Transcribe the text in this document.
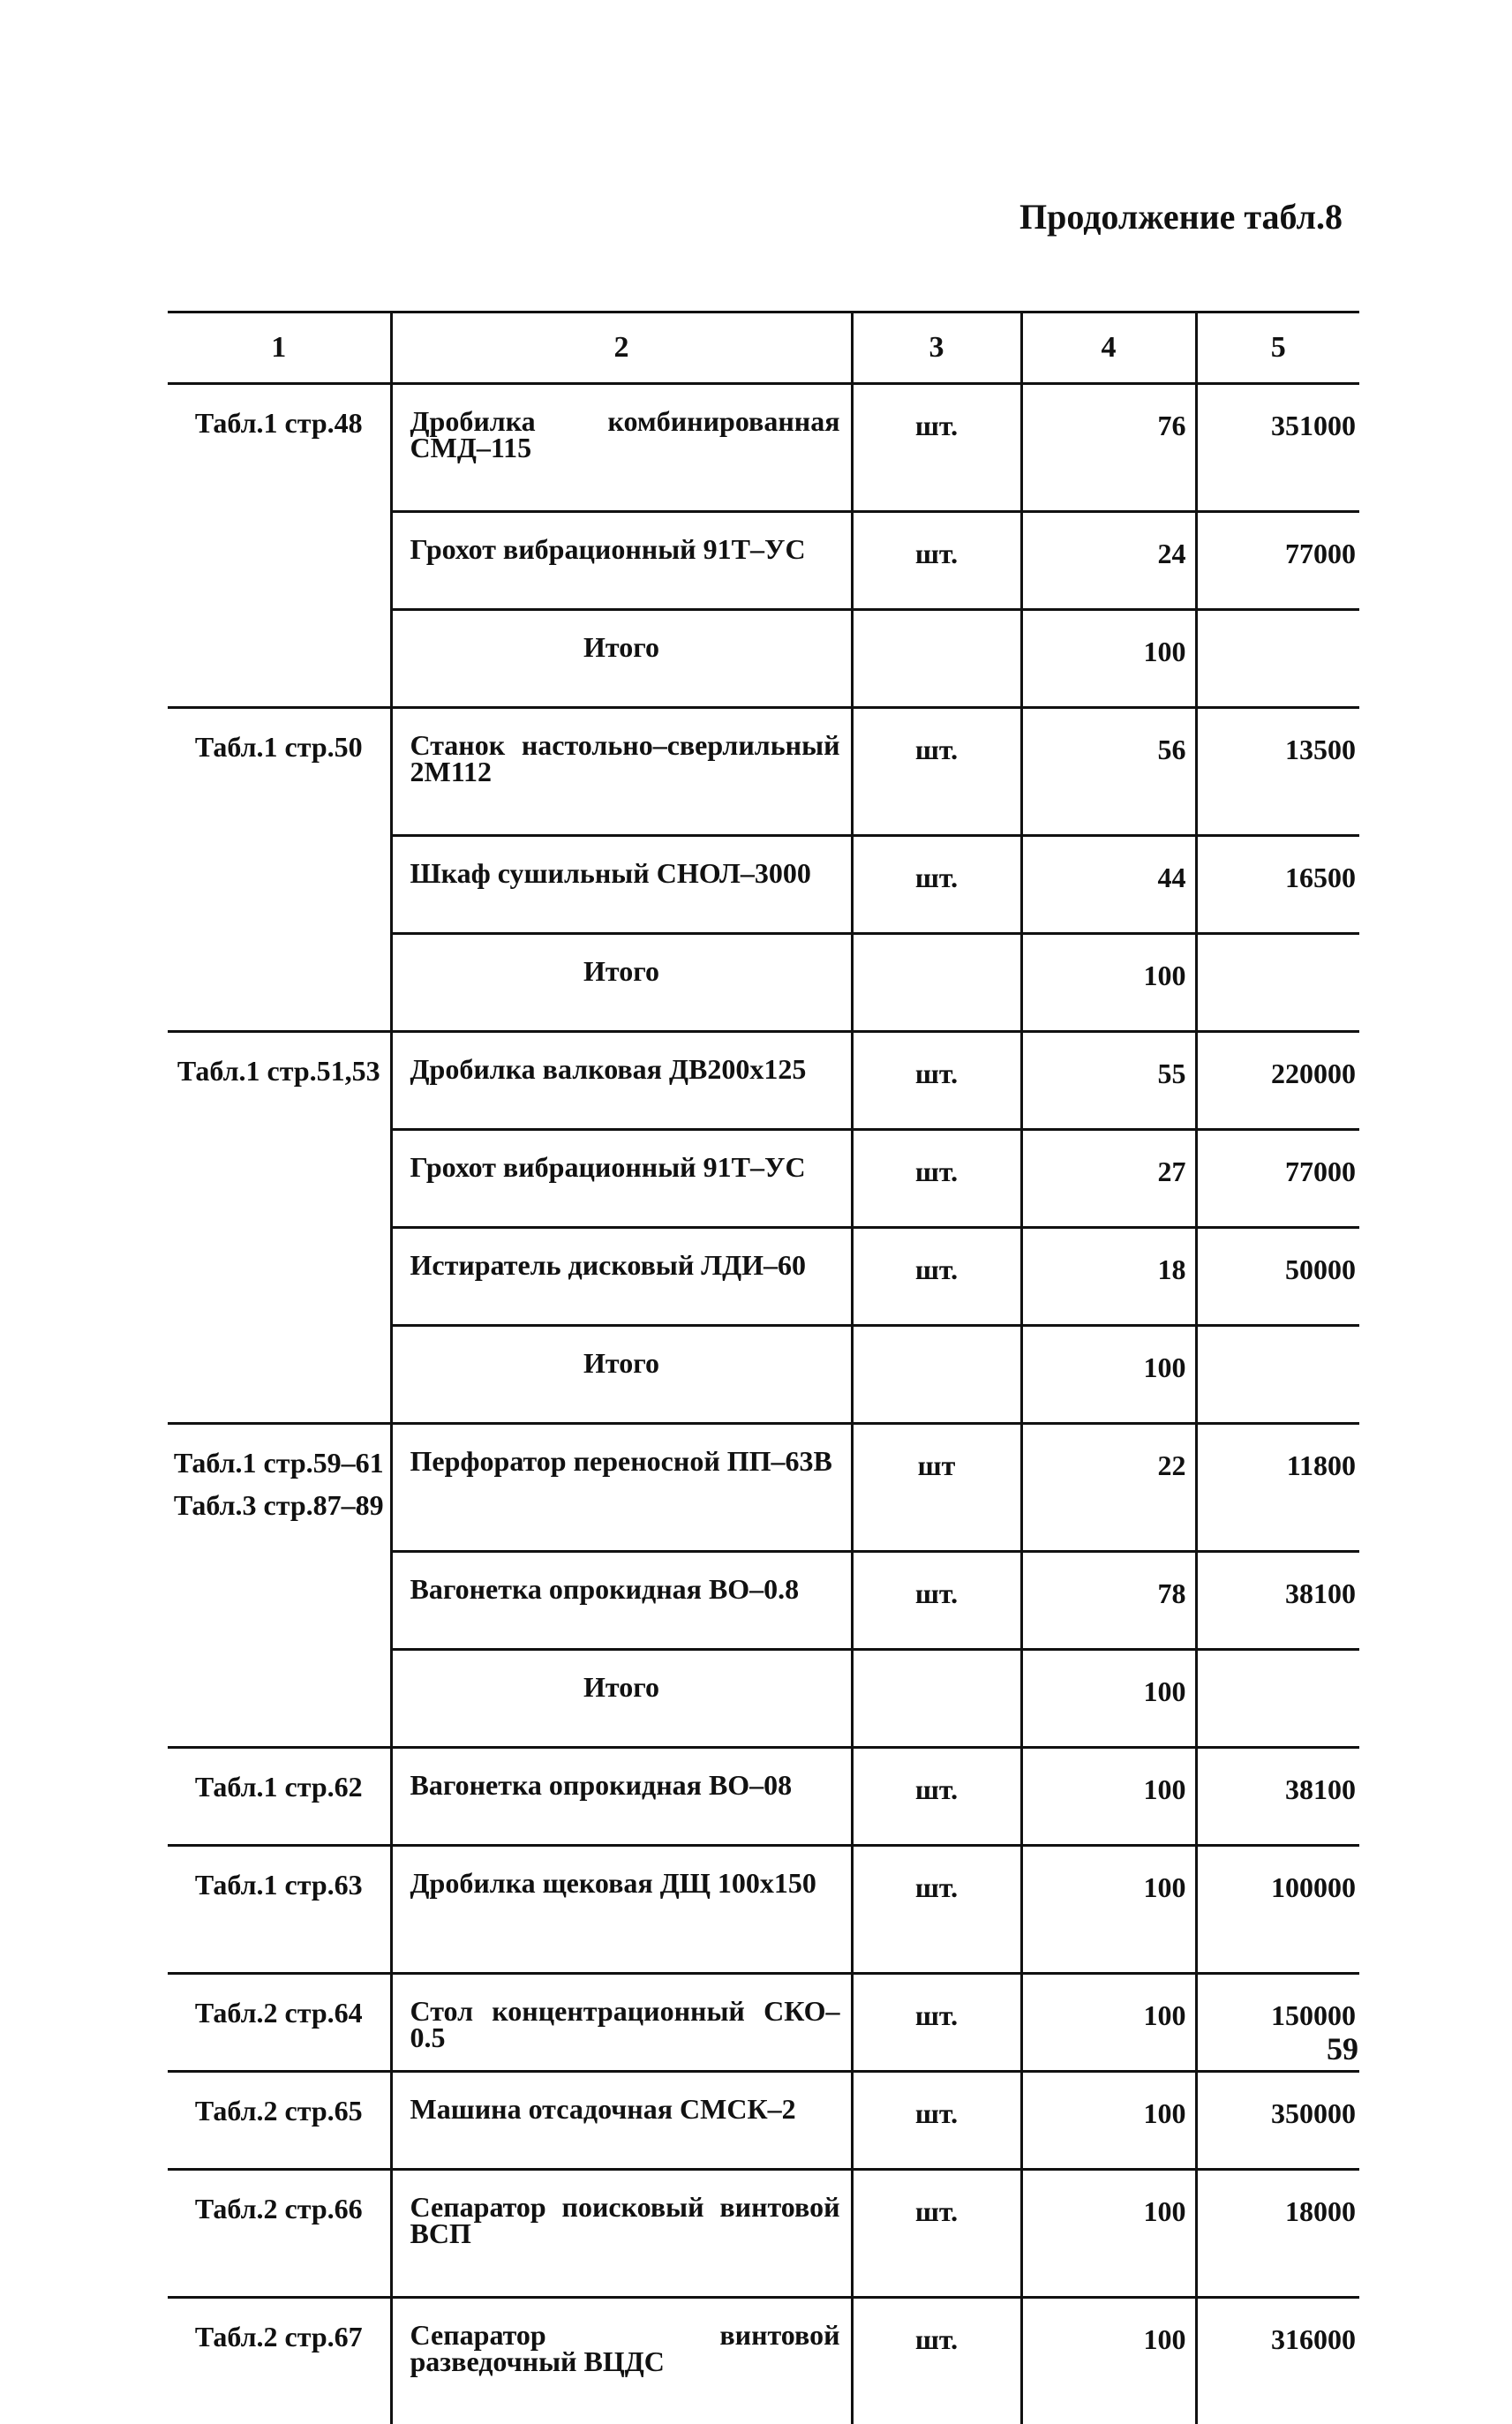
Продолжение табл.8
1	2	3	4	5
Табл.1 стр.48	Дробилка комбинированная СМД–115	шт.	76	351000
	Грохот вибрационный 91Т–УС	шт.	24	77000
	Итого		100	
Табл.1 стр.50	Станок настольно–сверлильный 2М112	шт.	56	13500
	Шкаф сушильный СНОЛ–3000	шт.	44	16500
	Итого		100	
Табл.1 стр.51,53	Дробилка валковая ДВ200х125	шт.	55	220000
	Грохот вибрационный 91Т–УС	шт.	27	77000
	Истиратель дисковый ЛДИ–60	шт.	18	50000
	Итого		100	
Табл.1 стр.59–61
Табл.3 стр.87–89	Перфоратор переносной ПП–63В	шт	22	11800
	Вагонетка опрокидная ВО–0.8	шт.	78	38100
	Итого		100	
Табл.1 стр.62	Вагонетка опрокидная ВО–08	шт.	100	38100
Табл.1 стр.63	Дробилка щековая ДЩ 100х150	шт.	100	100000
Табл.2 стр.64	Стол концентрационный СКО–0.5	шт.	100	150000
Табл.2 стр.65	Машина отсадочная СМСК–2	шт.	100	350000
Табл.2 стр.66	Сепаратор поисковый винтовой ВСП	шт.	100	18000
Табл.2 стр.67	Сепаратор винтовой разведочный ВЦДС	шт.	100	316000
59
